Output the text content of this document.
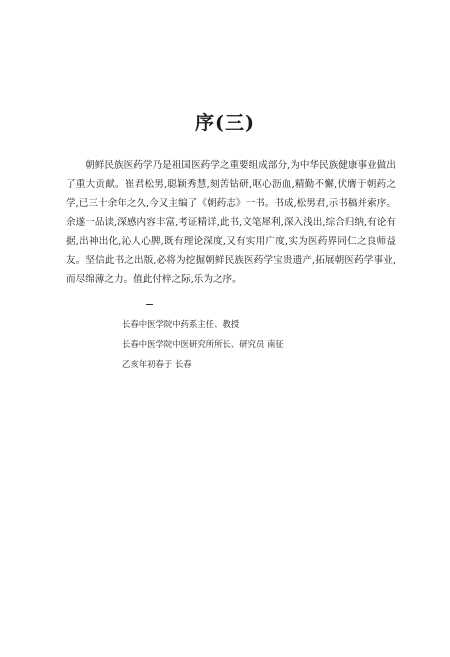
序(三)
朝鲜民族医药学乃是祖国医药学之重要组成部分,为中华民族健康事业做出了重大贡献。崔君松男,聪颖秀慧,刻苦钻研,呕心沥血,精勤不懈,伏膺于朝药之学,已三十余年之久,今又主编了《朝药志》一书。书成,松男君,示书稿并索序。余遂一品读,深感内容丰富,考证精详,此书,文笔犀利,深入浅出,综合归纳,有论有据,出神出化,沁人心脾,既有理论深度,又有实用广度,实为医药界同仁之良师益友。坚信此书之出版,必将为挖掘朝鲜民族医药学宝贵遗产,拓展朝医药学事业,而尽绵薄之力。值此付梓之际,乐为之序。
长春中医学院中药系主任、教授
长春中医学院中医研究所所长、研究员 南征
乙亥年初春于 长春
